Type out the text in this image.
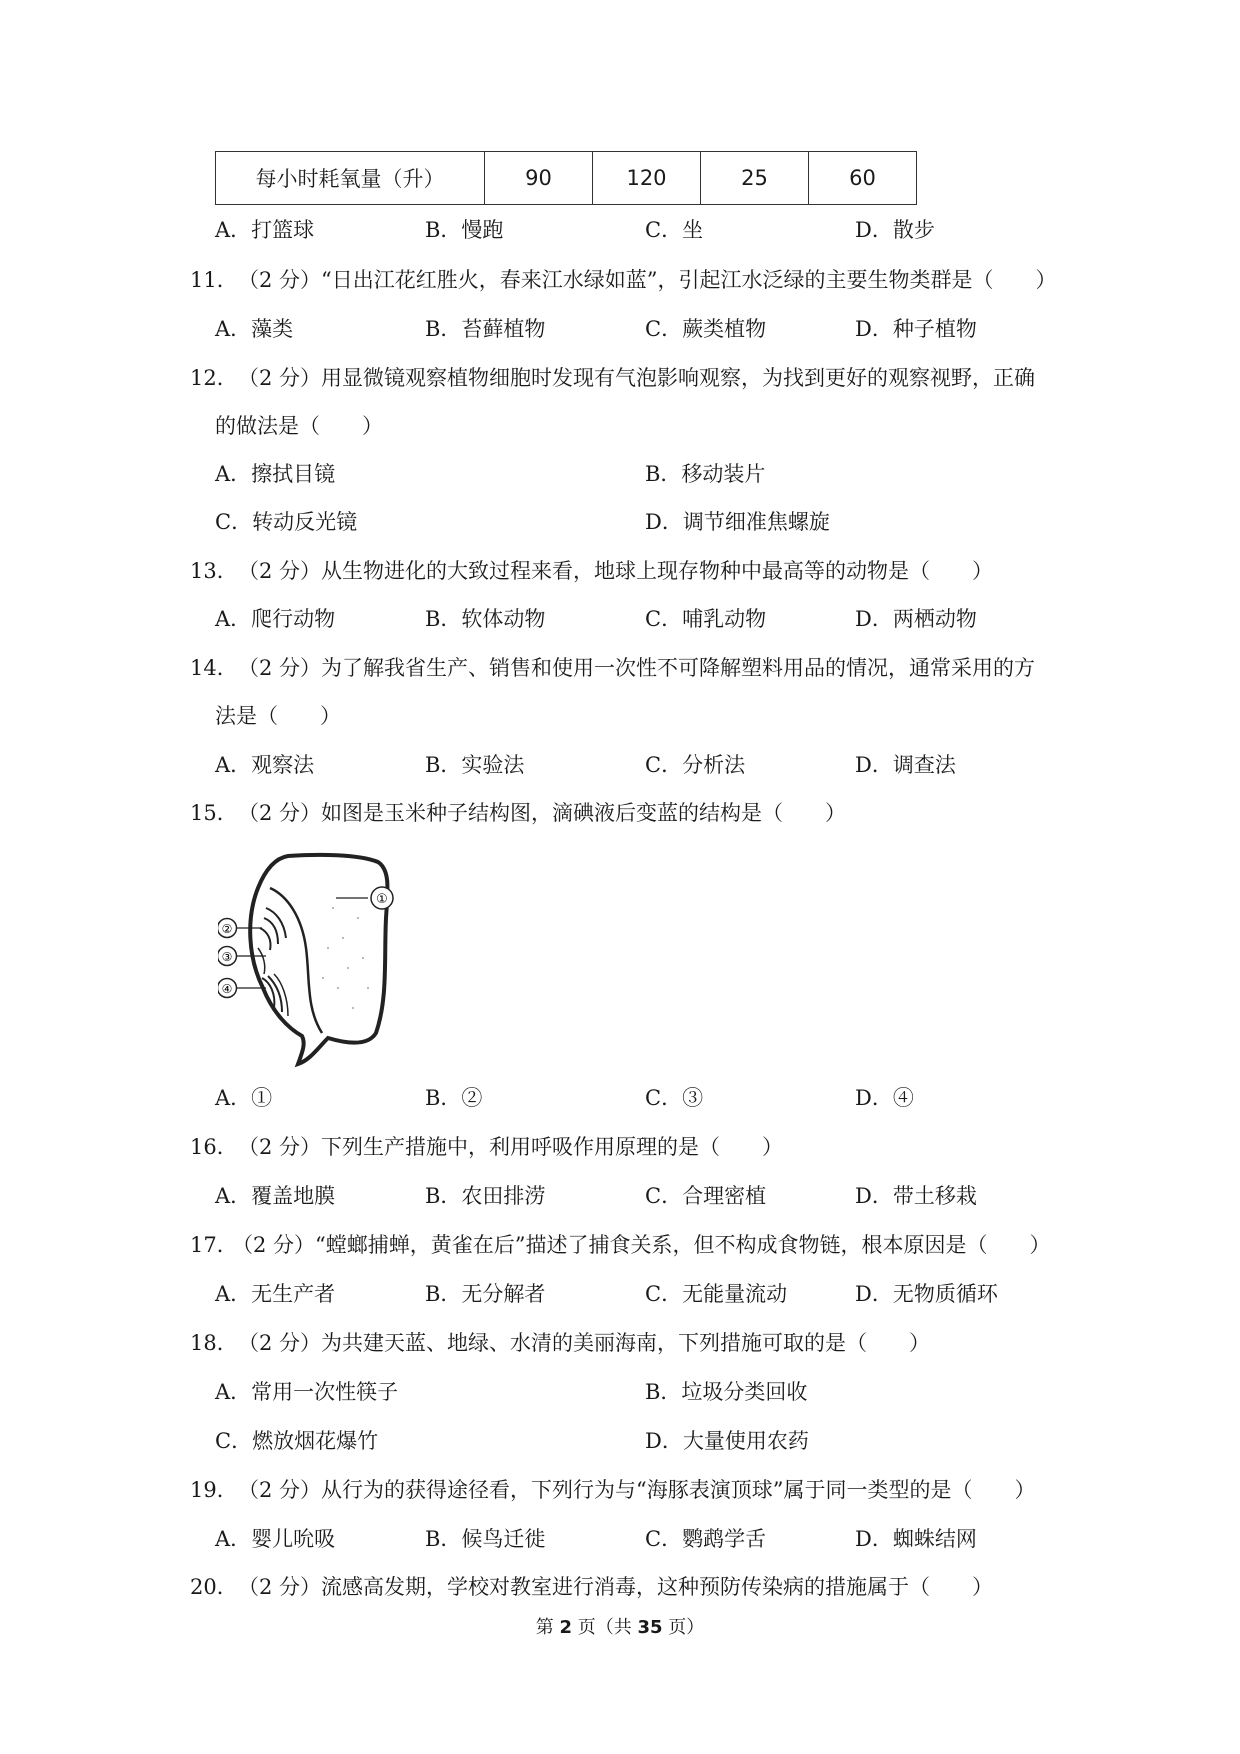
每小时耗氧量（升）	90	120	25	60
A．打篮球	B．慢跑	C．坐	D．散步
11． （2 分）“日出江花红胜火，春来江水绿如蓝”，引起江水泛绿的主要生物类群是（　　）
A．藻类	B．苔藓植物	C．蕨类植物	D．种子植物
12． （2 分）用显微镜观察植物细胞时发现有气泡影响观察，为找到更好的观察视野，正确
的做法是（　　）
A．擦拭目镜	B．移动装片
C．转动反光镜	D．调节细准焦螺旋
13． （2 分）从生物进化的大致过程来看，地球上现存物种中最高等的动物是（　　）
A．爬行动物	B．软体动物	C．哺乳动物	D．两栖动物
14． （2 分）为了解我省生产、销售和使用一次性不可降解塑料用品的情况，通常采用的方
法是（　　）
A．观察法	B．实验法	C．分析法	D．调查法
15． （2 分）如图是玉米种子结构图，滴碘液后变蓝的结构是（　　）
①
②
③
④
A．①	B．②	C．③	D．④
16． （2 分）下列生产措施中，利用呼吸作用原理的是（　　）
A．覆盖地膜	B．农田排涝	C．合理密植	D．带土移栽
17．
（2 分）“螳螂捕蝉，黄雀在后”描述了捕食关系，但不构成食物链，根本原因是（　　）
A．无生产者	B．无分解者	C．无能量流动	D．无物质循环
18． （2 分）为共建天蓝、地绿、水清的美丽海南，下列措施可取的是（　　）
A．常用一次性筷子	B．垃圾分类回收
C．燃放烟花爆竹	D．大量使用农药
19． （2 分）从行为的获得途径看，下列行为与“海豚表演顶球”属于同一类型的是（　　）
A．婴儿吮吸	B．候鸟迁徙	C．鹦鹉学舌	D．蜘蛛结网
20． （2 分）流感高发期，学校对教室进行消毒，这种预防传染病的措施属于（　　）
第 2 页（共 35 页）
